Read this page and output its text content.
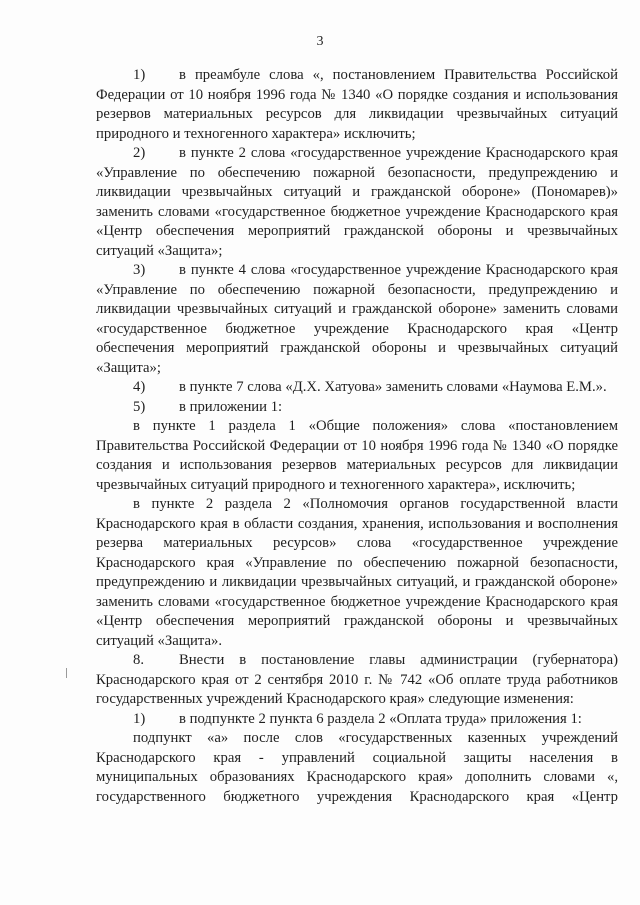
3

1) в преамбуле слова «, постановлением Правительства Российской Федерации от 10 ноября 1996 года № 1340 «О порядке создания и использования резервов материальных ресурсов для ликвидации чрезвычайных ситуаций природного и техногенного характера» исключить;

2) в пункте 2 слова «государственное учреждение Краснодарского края «Управление по обеспечению пожарной безопасности, предупреждению и ликвидации чрезвычайных ситуаций и гражданской обороне» (Пономарев)» заменить словами «государственное бюджетное учреждение Краснодарского края «Центр обеспечения мероприятий гражданской обороны и чрезвычайных ситуаций «Защита»;

3) в пункте 4 слова «государственное учреждение Краснодарского края «Управление по обеспечению пожарной безопасности, предупреждению и ликвидации чрезвычайных ситуаций и гражданской обороне» заменить словами «государственное бюджетное учреждение Краснодарского края «Центр обеспечения мероприятий гражданской обороны и чрезвычайных ситуаций «Защита»;

4) в пункте 7 слова «Д.Х. Хатуова» заменить словами «Наумова Е.М.».

5) в приложении 1:

в пункте 1 раздела 1 «Общие положения» слова «постановлением Правительства Российской Федерации от 10 ноября 1996 года № 1340 «О порядке создания и использования резервов материальных ресурсов для ликвидации чрезвычайных ситуаций природного и техногенного характера», исключить;

в пункте 2 раздела 2 «Полномочия органов государственной власти Краснодарского края в области создания, хранения, использования и восполнения резерва материальных ресурсов» слова «государственное учреждение Краснодарского края «Управление по обеспечению пожарной безопасности, предупреждению и ликвидации чрезвычайных ситуаций, и гражданской обороне» заменить словами «государственное бюджетное учреждение Краснодарского края «Центр обеспечения мероприятий гражданской обороны и чрезвычайных ситуаций «Защита».

8. Внести в постановление главы администрации (губернатора) Краснодарского края от 2 сентября 2010 г. № 742 «Об оплате труда работников государственных учреждений Краснодарского края» следующие изменения:

1) в подпункте 2 пункта 6 раздела 2 «Оплата труда» приложения 1:

подпункт «а» после слов «государственных казенных учреждений Краснодарского края - управлений социальной защиты населения в муниципальных образованиях Краснодарского края» дополнить словами «, государственного бюджетного учреждения Краснодарского края «Центр
